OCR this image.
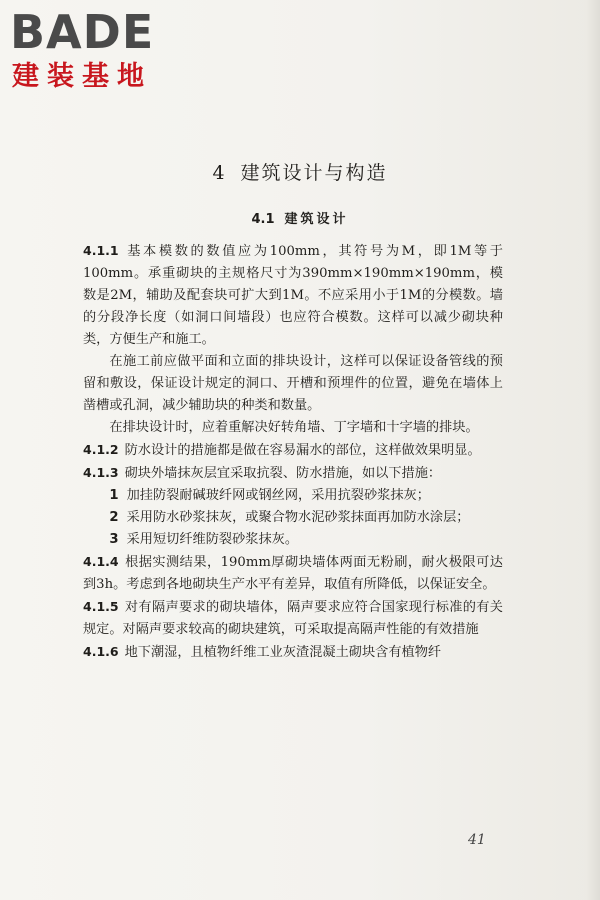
BADE
建装基地
4 建筑设计与构造
4.1 建筑设计

4.1.1 基本模数的数值应为100mm，其符号为M，即1M等于100mm。承重砌块的主规格尺寸为390mm×190mm×190mm，模数是2M，辅助及配套块可扩大到1M。不应采用小于1M的分模数。墙的分段净长度（如洞口间墙段）也应符合模数。这样可以减少砌块种类，方便生产和施工。

在施工前应做平面和立面的排块设计，这样可以保证设备管线的预留和敷设，保证设计规定的洞口、开槽和预埋件的位置，避免在墙体上凿槽或孔洞，减少辅助块的种类和数量。

在排块设计时，应着重解决好转角墙、丁字墙和十字墙的排块。

4.1.2 防水设计的措施都是做在容易漏水的部位，这样做效果明显。

4.1.3 砌块外墙抹灰层宜采取抗裂、防水措施，如以下措施：

1 加挂防裂耐碱玻纤网或钢丝网，采用抗裂砂浆抹灰；

2 采用防水砂浆抹灰，或聚合物水泥砂浆抹面再加防水涂层；

3 采用短切纤维防裂砂浆抹灰。

4.1.4 根据实测结果，190mm厚砌块墙体两面无粉刷，耐火极限可达到3h。考虑到各地砌块生产水平有差异，取值有所降低，以保证安全。

4.1.5 对有隔声要求的砌块墙体，隔声要求应符合国家现行标准的有关规定。对隔声要求较高的砌块建筑，可采取提高隔声性能的有效措施

4.1.6 地下潮湿，且植物纤维工业灰渣混凝土砌块含有植物纤

41
